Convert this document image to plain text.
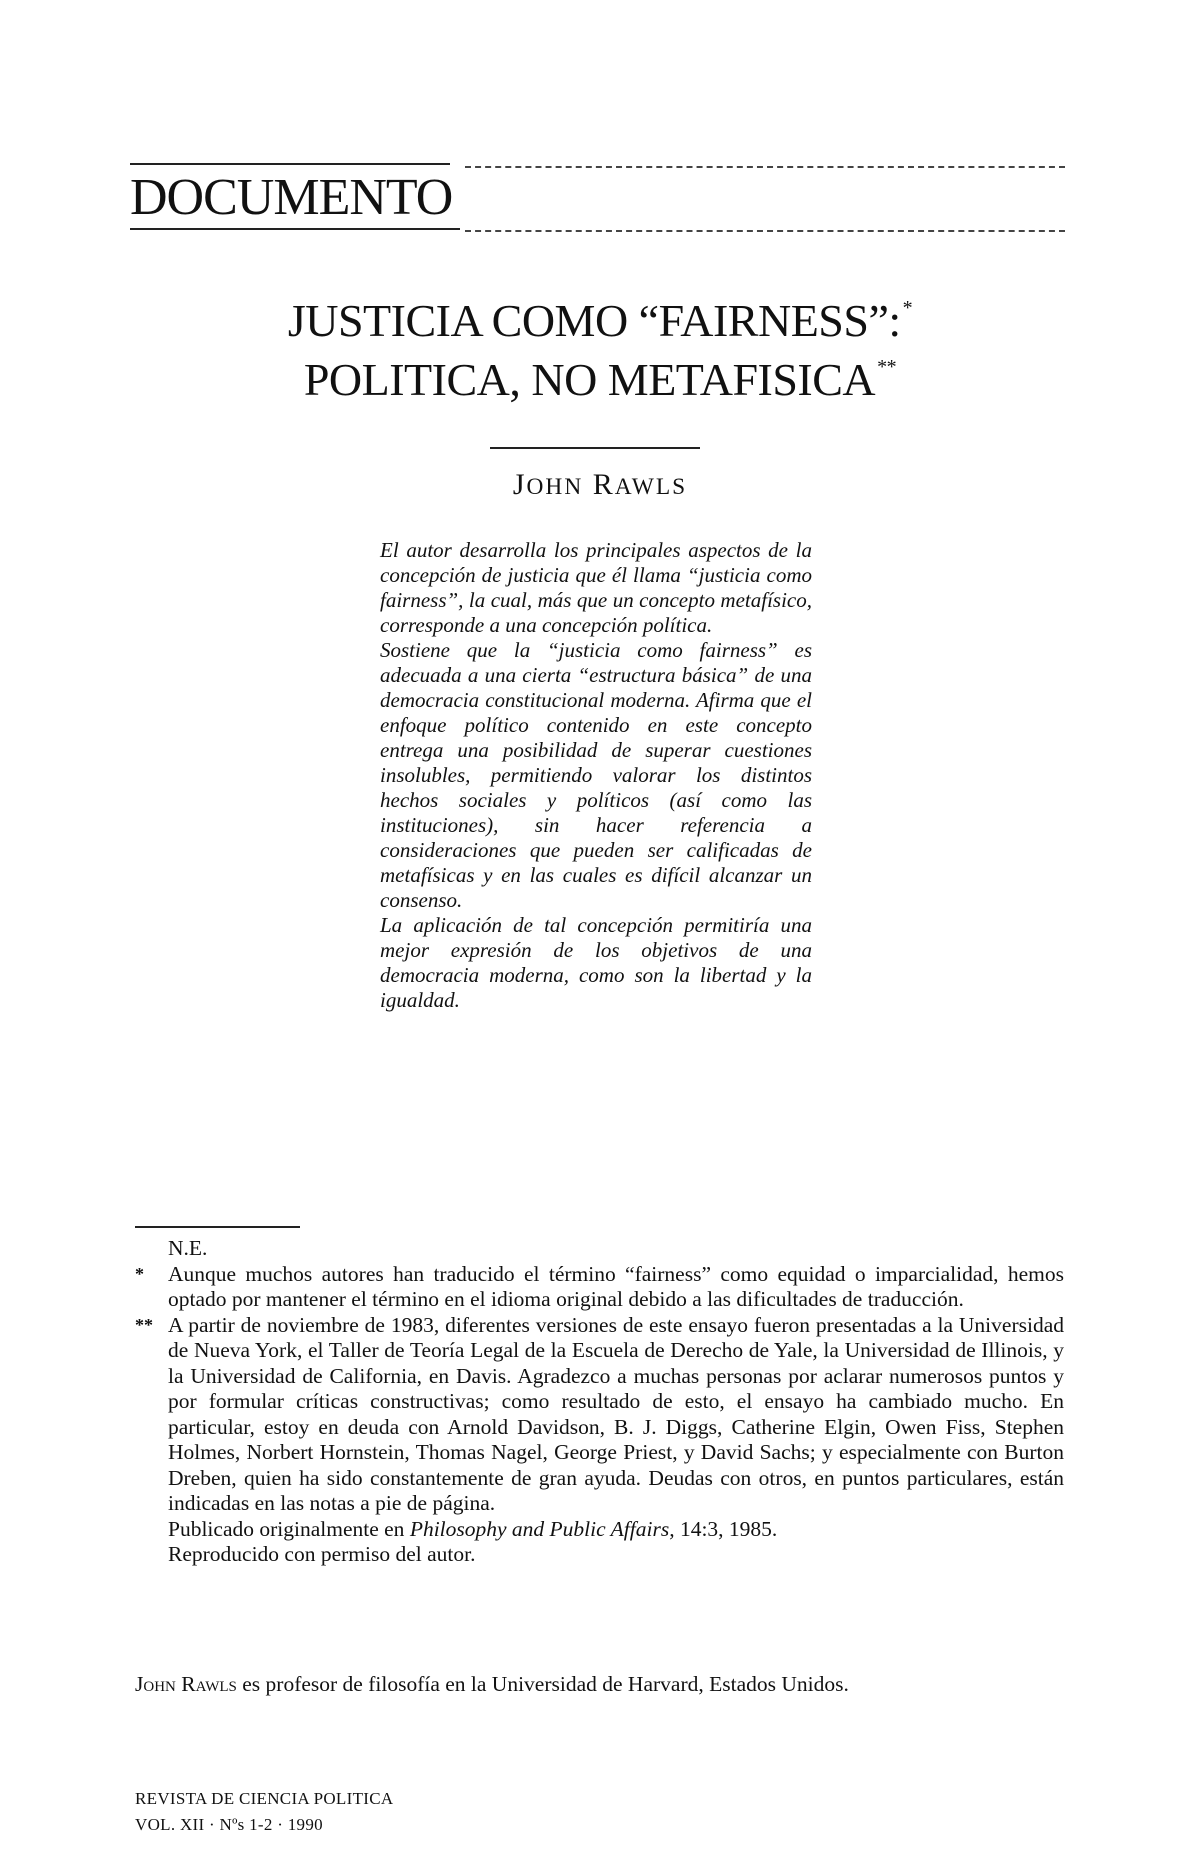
DOCUMENTO
JUSTICIA COMO “FAIRNESS”: *
POLITICA, NO METAFISICA **
JOHN RAWLS

El autor desarrolla los principales aspectos de la concepción de justicia que él llama “justicia como fairness”, la cual, más que un concepto metafísico, corresponde a una concepción política.

Sostiene que la “justicia como fairness” es adecuada a una cierta “estructura básica” de una democracia constitucional moderna. Afirma que el enfoque político contenido en este concepto entrega una posibilidad de superar cuestiones insolubles, permitiendo valorar los distintos hechos sociales y políticos (así como las instituciones), sin hacer referencia a consideraciones que pueden ser calificadas de metafísicas y en las cuales es difícil alcanzar un consenso.

La aplicación de tal concepción permitiría una mejor expresión de los objetivos de una democracia moderna, como son la libertad y la igualdad.

N.E.

* Aunque muchos autores han traducido el término “fairness” como equidad o imparcialidad, hemos optado por mantener el término en el idioma original debido a las dificultades de traducción.

** A partir de noviembre de 1983, diferentes versiones de este ensayo fueron presentadas a la Universidad de Nueva York, el Taller de Teoría Legal de la Escuela de Derecho de Yale, la Universidad de Illinois, y la Universidad de California, en Davis. Agradezco a muchas personas por aclarar numerosos puntos y por formular críticas constructivas; como resultado de esto, el ensayo ha cambiado mucho. En particular, estoy en deuda con Arnold Davidson, B. J. Diggs, Catherine Elgin, Owen Fiss, Stephen Holmes, Norbert Hornstein, Thomas Nagel, George Priest, y David Sachs; y especialmente con Burton Dreben, quien ha sido constantemente de gran ayuda. Deudas con otros, en puntos particulares, están indicadas en las notas a pie de página.

Publicado originalmente en Philosophy and Public Affairs, 14:3, 1985.

Reproducido con permiso del autor.

John Rawls es profesor de filosofía en la Universidad de Harvard, Estados Unidos.
REVISTA DE CIENCIA POLITICA
VOL. XII · Nºs 1-2 · 1990
